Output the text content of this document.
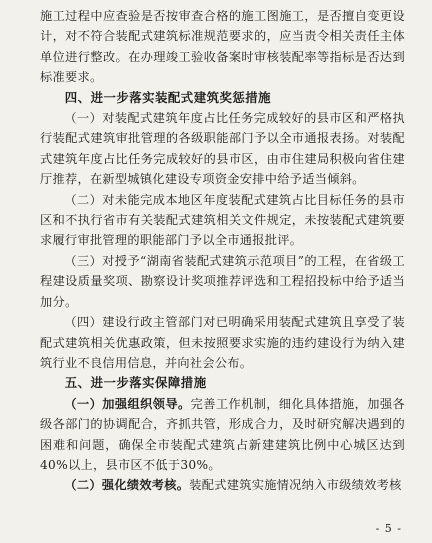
施工过程中应查验是否按审查合格的施工图施工，是否擅自变更设计，对不符合装配式建筑标准规范要求的，应当责令相关责任主体单位进行整改。在办理竣工验收备案时审核装配率等指标是否达到标准要求。

四、进一步落实装配式建筑奖惩措施

（一）对装配式建筑年度占比任务完成较好的县市区和严格执行装配式建筑审批管理的各级职能部门予以全市通报表扬。对装配式建筑年度占比任务完成较好的县市区，由市住建局积极向省住建厅推荐，在新型城镇化建设专项资金安排中给予适当倾斜。

（二）对未能完成本地区年度装配式建筑占比目标任务的县市区和不执行省市有关装配式建筑相关文件规定，未按装配式建筑要求履行审批管理的职能部门予以全市通报批评。

（三）对授予“湖南省装配式建筑示范项目”的工程，在省级工程建设质量奖项、勘察设计奖项推荐评选和工程招投标中给予适当加分。

（四）建设行政主管部门对已明确采用装配式建筑且享受了装配式建筑相关优惠政策，但未按照要求实施的违约建设行为纳入建筑行业不良信用信息，并向社会公布。

五、进一步落实保障措施

（一）加强组织领导。完善工作机制，细化具体措施，加强各级各部门的协调配合，齐抓共管，形成合力，及时研究解决遇到的困难和问题，确保全市装配式建筑占新建建筑比例中心城区达到40%以上，县市区不低于30%。

（二）强化绩效考核。装配式建筑实施情况纳入市级绩效考核

- 5 -
